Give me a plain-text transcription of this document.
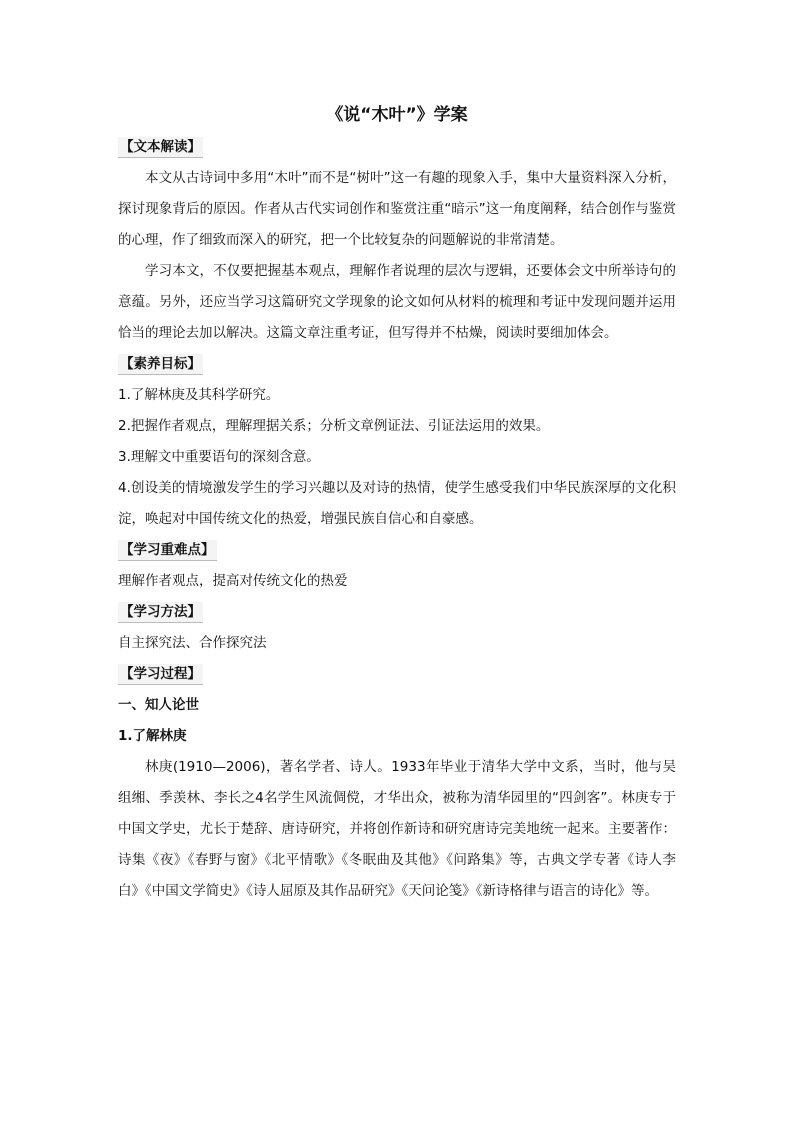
《说“木叶”》学案
【文本解读】

本文从古诗词中多用“木叶”而不是“树叶”这一有趣的现象入手，集中大量资料深入分析，探讨现象背后的原因。作者从古代实词创作和鉴赏注重“暗示”这一角度阐释，结合创作与鉴赏的心理，作了细致而深入的研究，把一个比较复杂的问题解说的非常清楚。

学习本文，不仅要把握基本观点，理解作者说理的层次与逻辑，还要体会文中所举诗句的意蕴。另外，还应当学习这篇研究文学现象的论文如何从材料的梳理和考证中发现问题并运用恰当的理论去加以解决。这篇文章注重考证，但写得并不枯燥，阅读时要细加体会。

【素养目标】

1.了解林庚及其科学研究。

2.把握作者观点，理解理据关系；分析文章例证法、引证法运用的效果。

3.理解文中重要语句的深刻含意。

4.创设美的情境激发学生的学习兴趣以及对诗的热情，使学生感受我们中华民族深厚的文化积淀，唤起对中国传统文化的热爱，增强民族自信心和自豪感。

【学习重难点】

理解作者观点，提高对传统文化的热爱

【学习方法】

自主探究法、合作探究法

【学习过程】

一、知人论世

1.了解林庚

林庚(1910—2006)，著名学者、诗人。1933年毕业于清华大学中文系，当时，他与吴组缃、季羡林、李长之4名学生风流倜傥，才华出众，被称为清华园里的“四剑客”。林庚专于中国文学史，尤长于楚辞、唐诗研究，并将创作新诗和研究唐诗完美地统一起来。主要著作：诗集《夜》《春野与窗》《北平情歌》《冬眠曲及其他》《问路集》等，古典文学专著《诗人李白》《中国文学简史》《诗人屈原及其作品研究》《天问论笺》《新诗格律与语言的诗化》等。
